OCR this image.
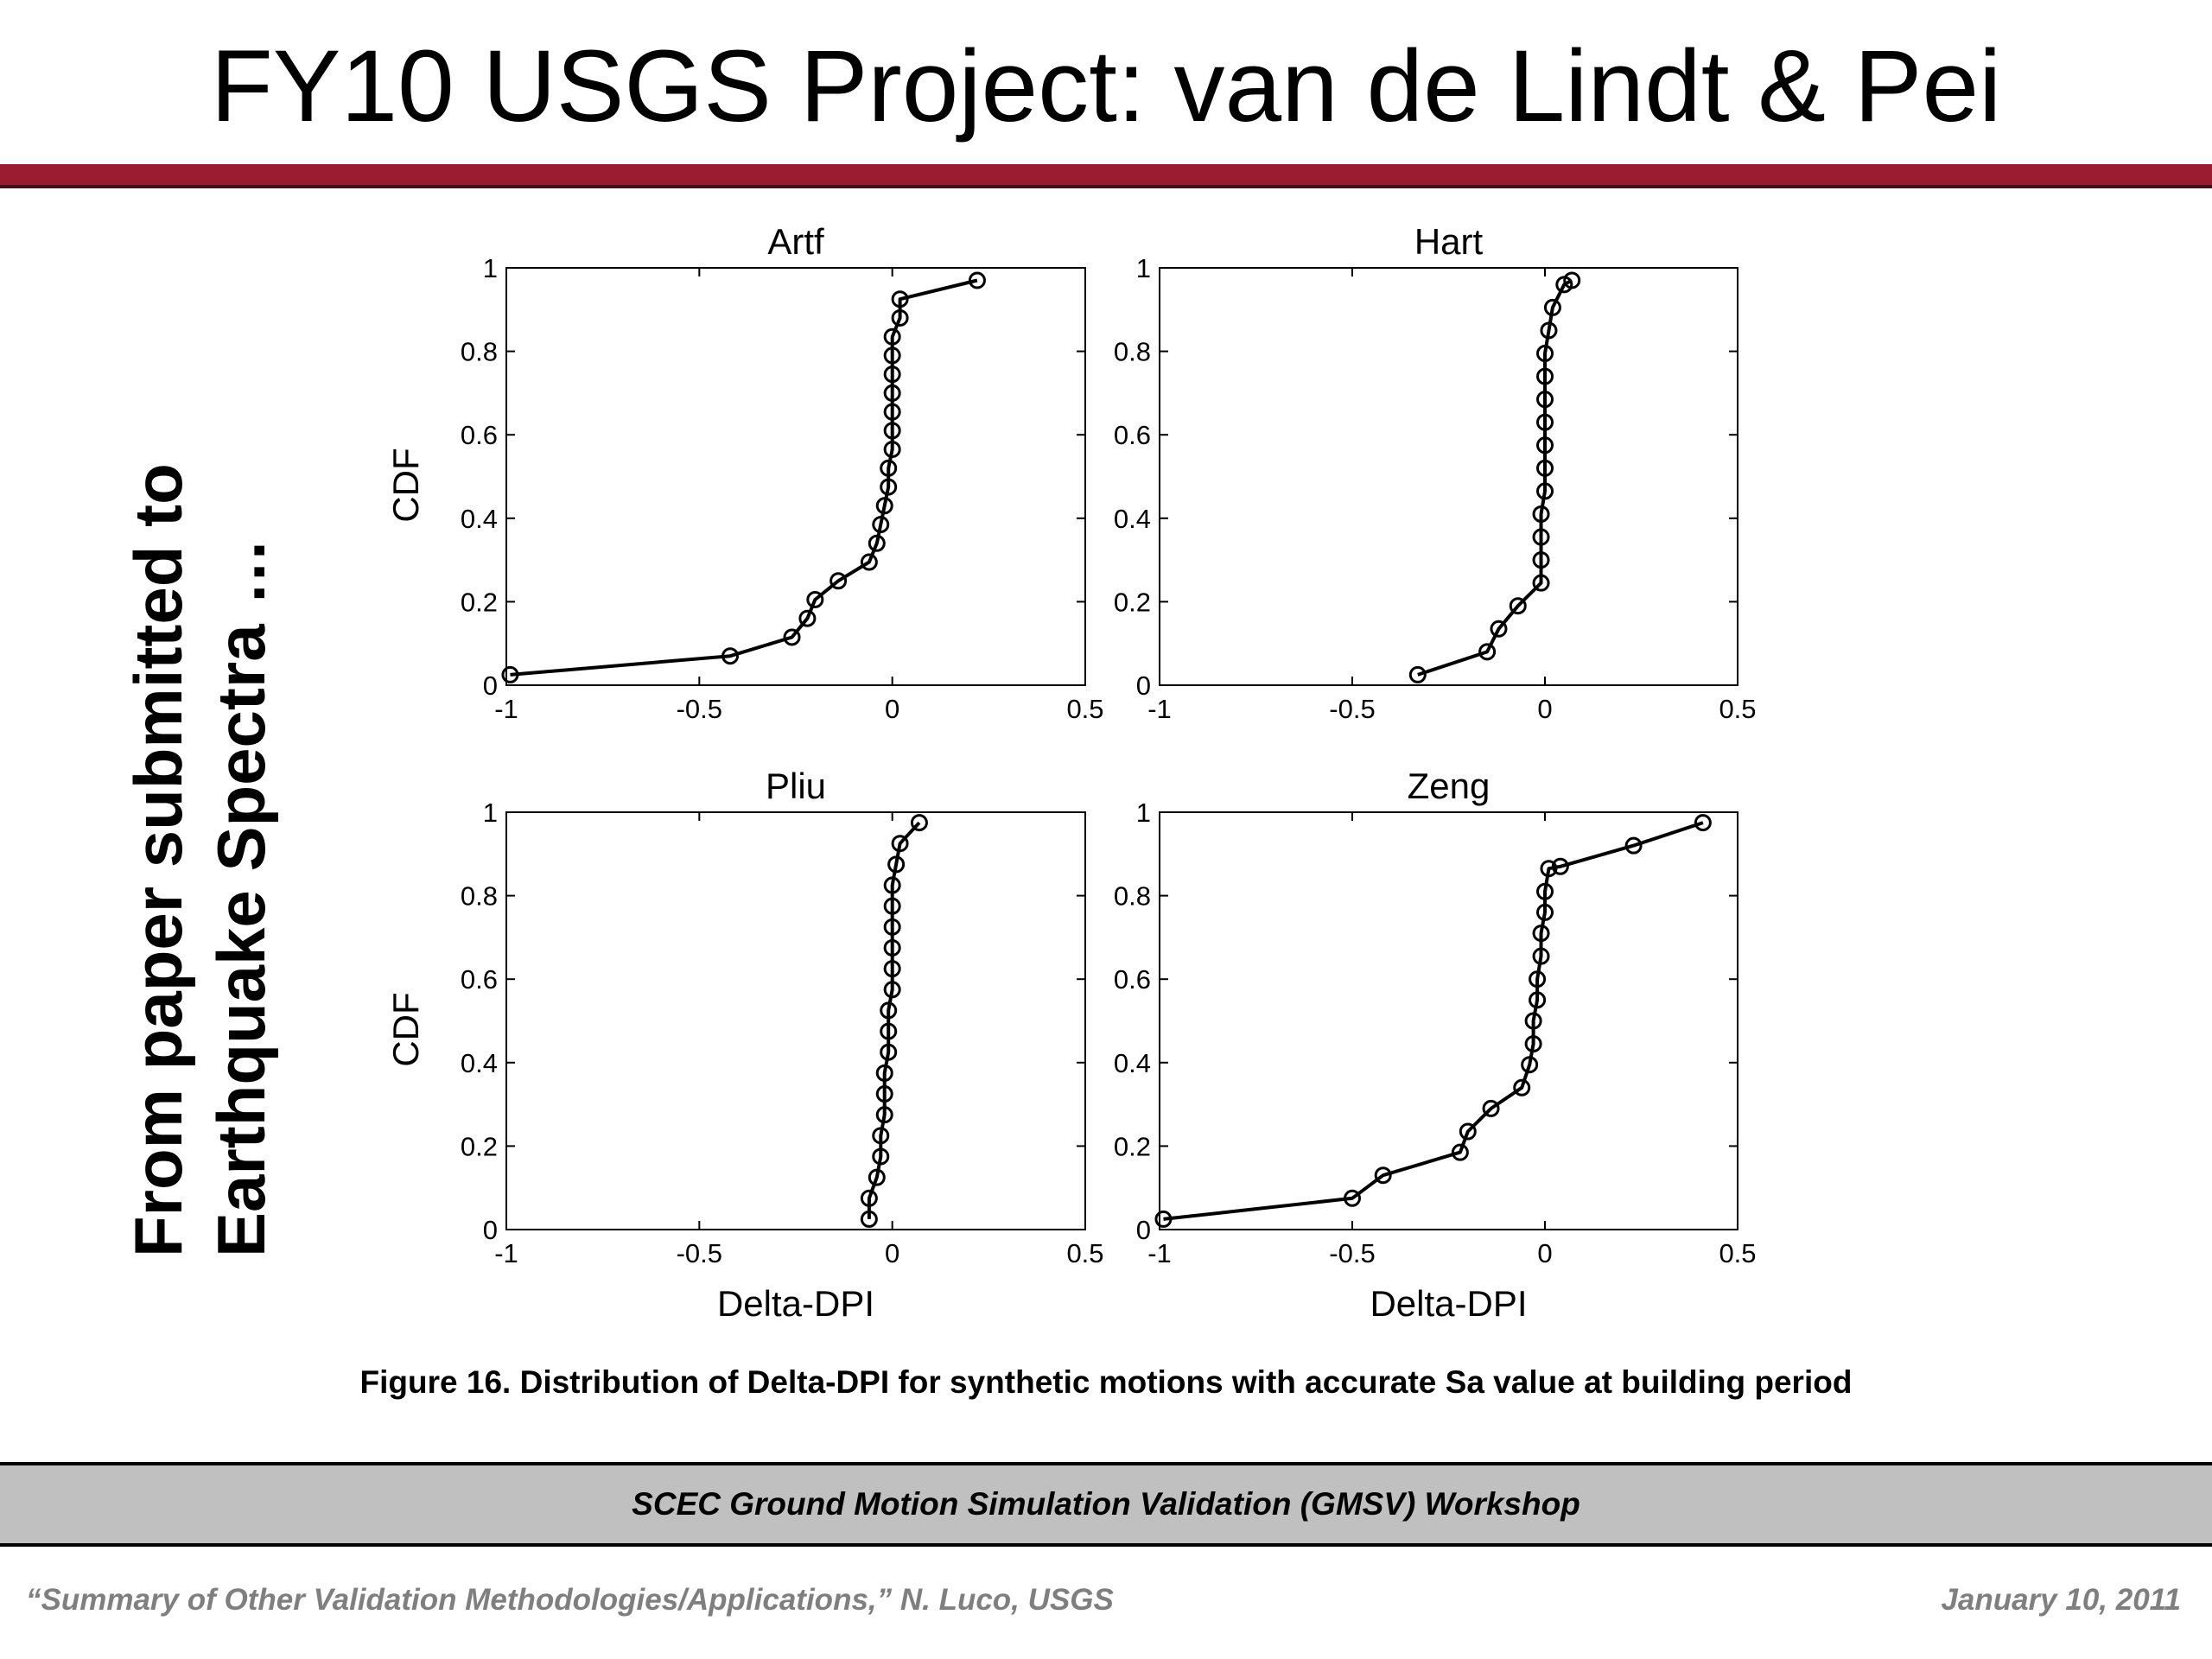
FY10 USGS Project: van de Lindt & Pei
From paper submitted to Earthquake Spectra …	-1	-0.5	0	0.5
0
0.2
0.4
0.6
0.8
1
Artf
CDF
-1	-0.5	0	0.5
0
0.2
0.4
0.6
0.8
1
Hart
-1	-0.5	0	0.5
0
0.2
0.4
0.6
0.8
1
Pliu
Delta-DPI
CDF
-1	-0.5	0	0.5
0
0.2
0.4
0.6
0.8
1
Zeng
Delta-DPI
Figure 16. Distribution of Delta-DPI for synthetic motions with accurate Sa value at building period
SCEC Ground Motion Simulation Validation (GMSV) Workshop
“Summary of Other Validation Methodologies/Applications,” N. Luco, USGS	January 10, 2011
